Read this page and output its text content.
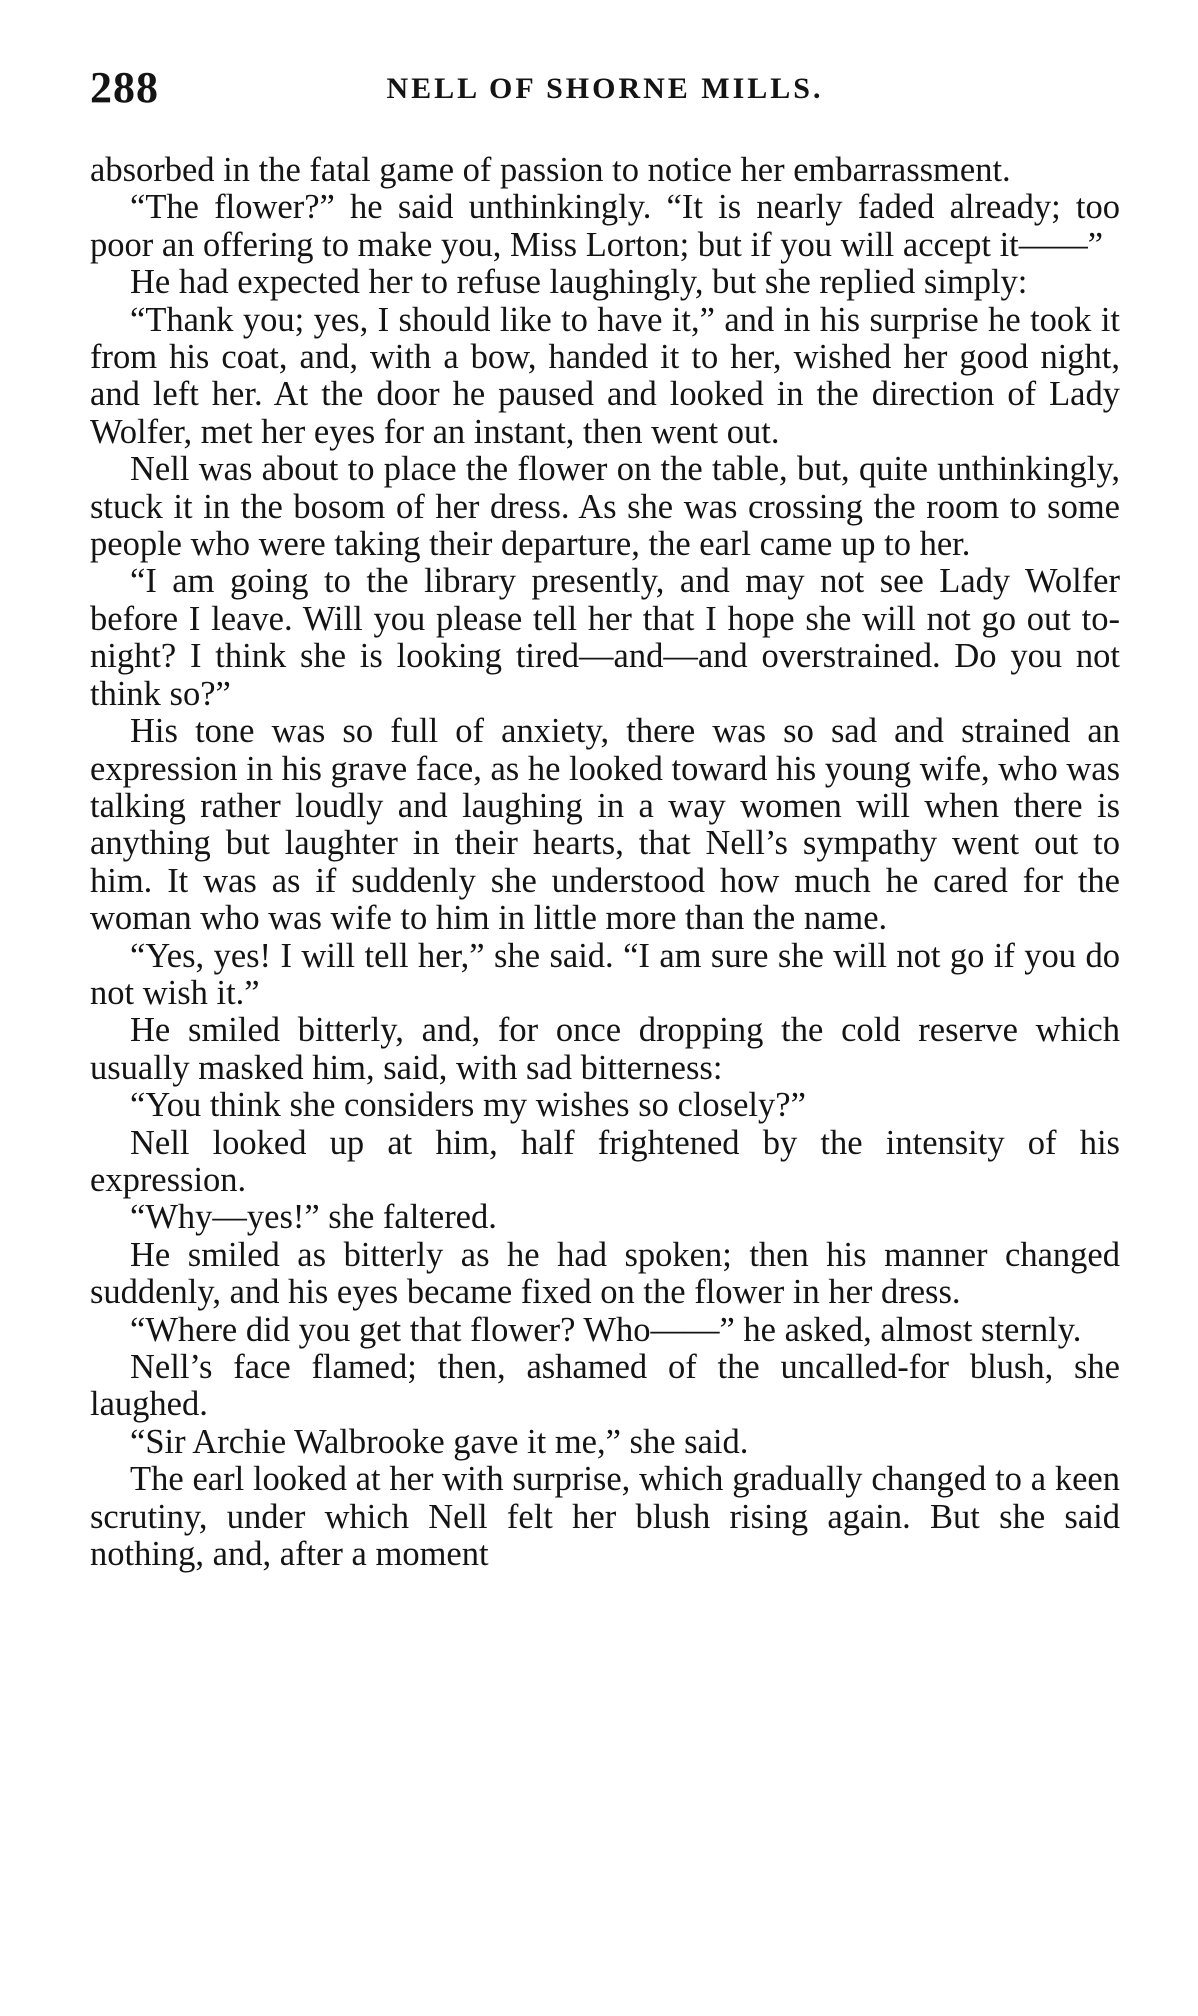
288	NELL OF SHORNE MILLS.

absorbed in the fatal game of passion to notice her embarrassment.

“The flower?” he said unthinkingly. “It is nearly faded already; too poor an offering to make you, Miss Lorton; but if you will accept it——”

He had expected her to refuse laughingly, but she replied simply:

“Thank you; yes, I should like to have it,” and in his surprise he took it from his coat, and, with a bow, handed it to her, wished her good night, and left her. At the door he paused and looked in the direction of Lady Wolfer, met her eyes for an instant, then went out.

Nell was about to place the flower on the table, but, quite unthinkingly, stuck it in the bosom of her dress. As she was crossing the room to some people who were taking their departure, the earl came up to her.

“I am going to the library presently, and may not see Lady Wolfer before I leave. Will you please tell her that I hope she will not go out to-night? I think she is looking tired—and—and overstrained. Do you not think so?”

His tone was so full of anxiety, there was so sad and strained an expression in his grave face, as he looked toward his young wife, who was talking rather loudly and laughing in a way women will when there is anything but laughter in their hearts, that Nell’s sympathy went out to him. It was as if suddenly she understood how much he cared for the woman who was wife to him in little more than the name.

“Yes, yes! I will tell her,” she said. “I am sure she will not go if you do not wish it.”

He smiled bitterly, and, for once dropping the cold reserve which usually masked him, said, with sad bitterness:

“You think she considers my wishes so closely?”

Nell looked up at him, half frightened by the intensity of his expression.

“Why—yes!” she faltered.

He smiled as bitterly as he had spoken; then his manner changed suddenly, and his eyes became fixed on the flower in her dress.

“Where did you get that flower? Who——” he asked, almost sternly.

Nell’s face flamed; then, ashamed of the uncalled-for blush, she laughed.

“Sir Archie Walbrooke gave it me,” she said.

The earl looked at her with surprise, which gradually changed to a keen scrutiny, under which Nell felt her blush rising again. But she said nothing, and, after a moment
